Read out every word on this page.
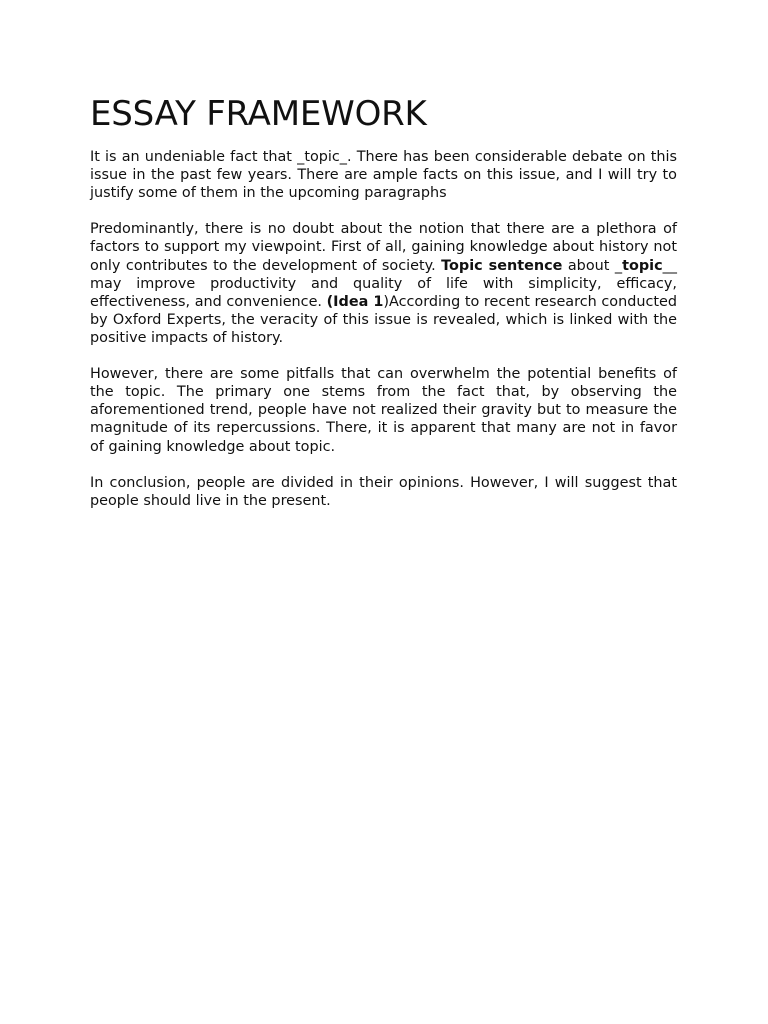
ESSAY FRAMEWORK

It is an undeniable fact that _topic_. There has been considerable debate on this issue in the past few years. There are ample facts on this issue, and I will try to justify some of them in the upcoming paragraphs

Predominantly, there is no doubt about the notion that there are a plethora of factors to support my viewpoint. First of all, gaining knowledge about history not only contributes to the development of society. Topic sentence about _topic__ may improve productivity and quality of life with simplicity, efficacy, effectiveness, and convenience. (Idea 1)According to recent research conducted by Oxford Experts, the veracity of this issue is revealed, which is linked with the positive impacts of history.

However, there are some pitfalls that can overwhelm the potential benefits of the topic. The primary one stems from the fact that, by observing the aforementioned trend, people have not realized their gravity but to measure the magnitude of its repercussions. There, it is apparent that many are not in favor of gaining knowledge about topic.

In conclusion, people are divided in their opinions. However, I will suggest that people should live in the present.
